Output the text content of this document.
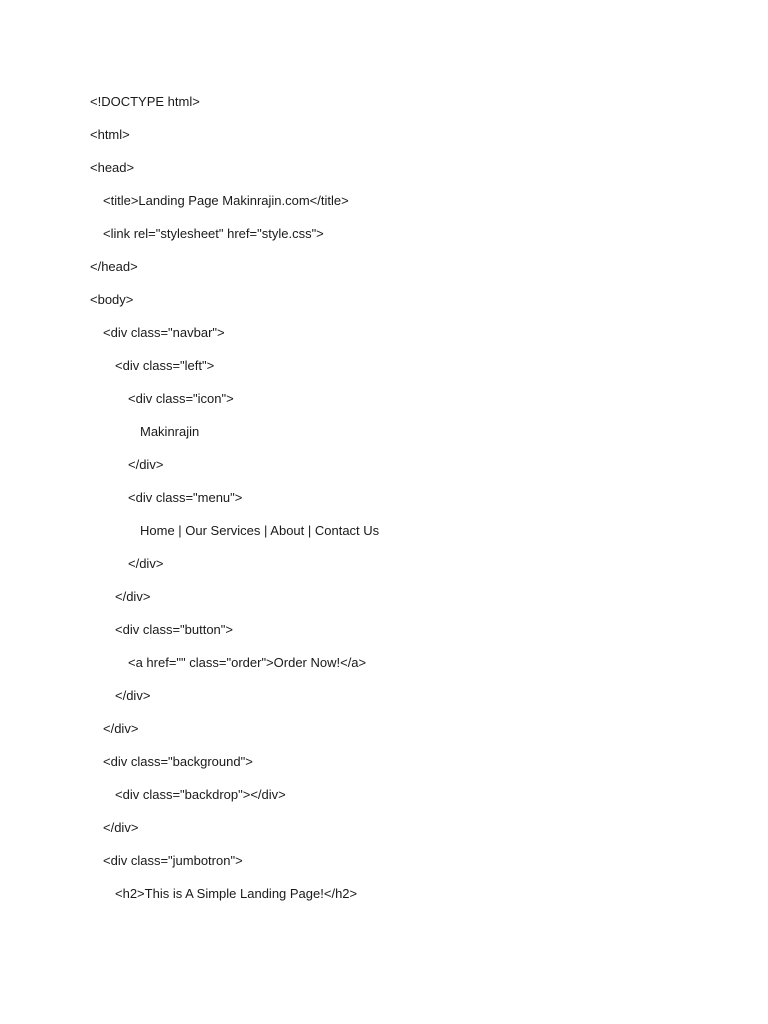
<!DOCTYPE html>
<html>
<head>
<title>Landing Page Makinrajin.com</title>
<link rel="stylesheet" href="style.css">
</head>
<body>
<div class="navbar">
<div class="left">
<div class="icon">
Makinrajin
</div>
<div class="menu">
Home | Our Services | About | Contact Us
</div>
</div>
<div class="button">
<a href="" class="order">Order Now!</a>
</div>
</div>
<div class="background">
<div class="backdrop"></div>
</div>
<div class="jumbotron">
<h2>This is A Simple Landing Page!</h2>
